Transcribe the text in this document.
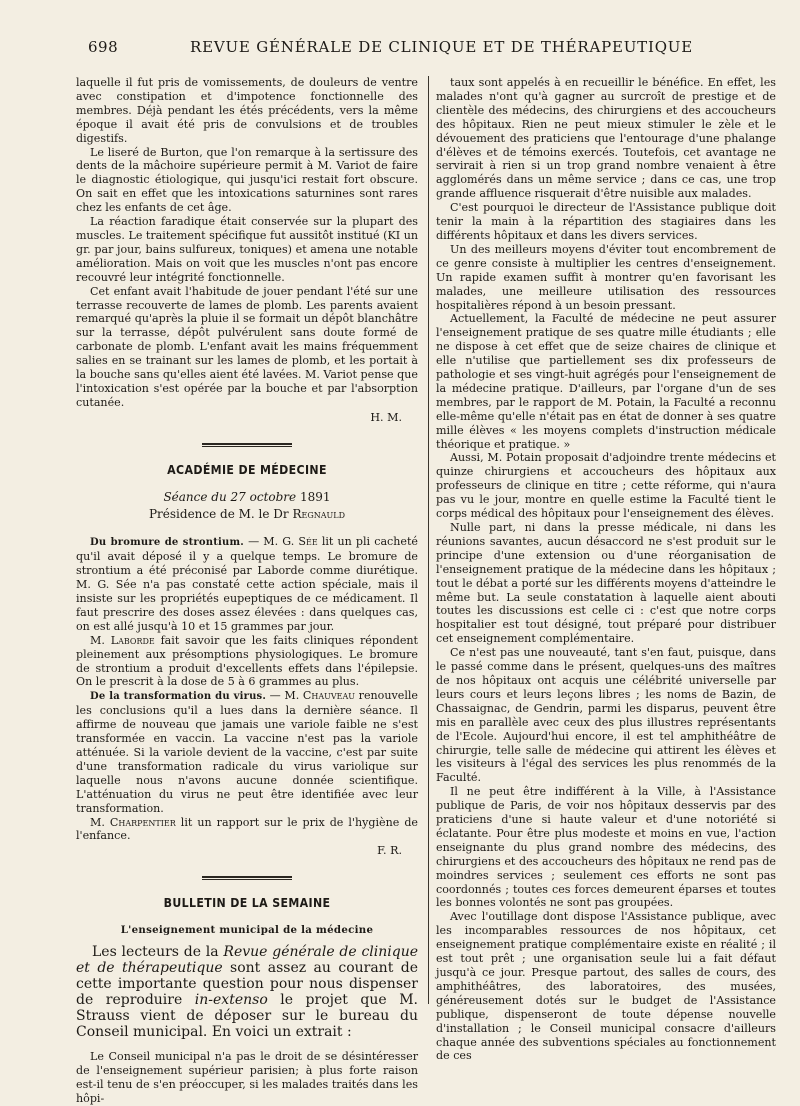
698	REVUE GÉNÉRALE DE CLINIQUE ET DE THÉRAPEUTIQUE

laquelle il fut pris de vomissements, de douleurs de ventre avec constipation et d'impotence fonctionnelle des membres. Déjà pendant les étés précédents, vers la même époque il avait été pris de convulsions et de troubles digestifs.

Le liseré de Burton, que l'on remarque à la sertissure des dents de la mâchoire supérieure permit à M. Variot de faire le diagnostic étiologique, qui jusqu'ici restait fort obscure. On sait en effet que les intoxications saturnines sont rares chez les enfants de cet âge.

La réaction faradique était conservée sur la plupart des muscles. Le traitement spécifique fut aussitôt institué (KI un gr. par jour, bains sulfureux, toniques) et amena une notable amélioration. Mais on voit que les muscles n'ont pas encore recouvré leur intégrité fonctionnelle.

Cet enfant avait l'habitude de jouer pendant l'été sur une terrasse recouverte de lames de plomb. Les parents avaient remarqué qu'après la pluie il se formait un dépôt blanchâtre sur la terrasse, dépôt pulvérulent sans doute formé de carbonate de plomb. L'enfant avait les mains fréquemment salies en se trainant sur les lames de plomb, et les portait à la bouche sans qu'elles aient été lavées. M. Variot pense que l'intoxication s'est opérée par la bouche et par l'absorption cutanée.

H. M.
ACADÉMIE DE MÉDECINE

Séance du 27 octobre 1891

Présidence de M. le Dr Regnauld

Du bromure de strontium. — M. G. Sée lit un pli cacheté qu'il avait déposé il y a quelque temps. Le bromure de strontium a été préconisé par Laborde comme diurétique. M. G. Sée n'a pas constaté cette action spéciale, mais il insiste sur les propriétés eupeptiques de ce médicament. Il faut prescrire des doses assez élevées : dans quelques cas, on est allé jusqu'à 10 et 15 grammes par jour.

M. Laborde fait savoir que les faits cliniques répondent pleinement aux présomptions physiologiques. Le bromure de strontium a produit d'excellents effets dans l'épilepsie. On le prescrit à la dose de 5 à 6 grammes au plus.

De la transformation du virus. — M. Chauveau renouvelle les conclusions qu'il a lues dans la dernière séance. Il affirme de nouveau que jamais une variole faible ne s'est transformée en vaccin. La vaccine n'est pas la variole atténuée. Si la variole devient de la vaccine, c'est par suite d'une transformation radicale du virus variolique sur laquelle nous n'avons aucune donnée scientifique. L'atténuation du virus ne peut être identifiée avec leur transformation.

M. Charpentier lit un rapport sur le prix de l'hygiène de l'enfance.

F. R.
BULLETIN DE LA SEMAINE
L'enseignement municipal de la médecine

Les lecteurs de la Revue générale de clinique et de thérapeutique sont assez au courant de cette importante question pour nous dispenser de reproduire in-extenso le projet que M. Strauss vient de déposer sur le bureau du Conseil municipal. En voici un extrait :

Le Conseil municipal n'a pas le droit de se désintéresser de l'enseignement supérieur parisien; à plus forte raison est-il tenu de s'en préoccuper, si les malades traités dans les hôpi-

taux sont appelés à en recueillir le bénéfice. En effet, les malades n'ont qu'à gagner au surcroît de prestige et de clientèle des médecins, des chirurgiens et des accoucheurs des hôpitaux. Rien ne peut mieux stimuler le zèle et le dévouement des praticiens que l'entourage d'une phalange d'élèves et de témoins exercés. Toutefois, cet avantage ne servirait à rien si un trop grand nombre venaient à être agglomérés dans un même service ; dans ce cas, une trop grande affluence risquerait d'être nuisible aux malades.

C'est pourquoi le directeur de l'Assistance publique doit tenir la main à la répartition des stagiaires dans les différents hôpitaux et dans les divers services.

Un des meilleurs moyens d'éviter tout encombrement de ce genre consiste à multiplier les centres d'enseignement. Un rapide examen suffit à montrer qu'en favorisant les malades, une meilleure utilisation des ressources hospitalières répond à un besoin pressant.

Actuellement, la Faculté de médecine ne peut assurer l'enseignement pratique de ses quatre mille étudiants ; elle ne dispose à cet effet que de seize chaires de clinique et elle n'utilise que partiellement ses dix professeurs de pathologie et ses vingt-huit agrégés pour l'enseignement de la médecine pratique. D'ailleurs, par l'organe d'un de ses membres, par le rapport de M. Potain, la Faculté a reconnu elle-même qu'elle n'était pas en état de donner à ses quatre mille élèves « les moyens complets d'instruction médicale théorique et pratique. »

Aussi, M. Potain proposait d'adjoindre trente médecins et quinze chirurgiens et accoucheurs des hôpitaux aux professeurs de clinique en titre ; cette réforme, qui n'aura pas vu le jour, montre en quelle estime la Faculté tient le corps médical des hôpitaux pour l'enseignement des élèves.

Nulle part, ni dans la presse médicale, ni dans les réunions savantes, aucun désaccord ne s'est produit sur le principe d'une extension ou d'une réorganisation de l'enseignement pratique de la médecine dans les hôpitaux ; tout le débat a porté sur les différents moyens d'atteindre le même but. La seule constatation à laquelle aient abouti toutes les discussions est celle ci : c'est que notre corps hospitalier est tout désigné, tout préparé pour distribuer cet enseignement complémentaire.

Ce n'est pas une nouveauté, tant s'en faut, puisque, dans le passé comme dans le présent, quelques-uns des maîtres de nos hôpitaux ont acquis une célébrité universelle par leurs cours et leurs leçons libres ; les noms de Bazin, de Chassaignac, de Gendrin, parmi les disparus, peuvent être mis en parallèle avec ceux des plus illustres représentants de l'Ecole. Aujourd'hui encore, il est tel amphithéâtre de chirurgie, telle salle de médecine qui attirent les élèves et les visiteurs à l'égal des services les plus renommés de la Faculté.

Il ne peut être indifférent à la Ville, à l'Assistance publique de Paris, de voir nos hôpitaux desservis par des praticiens d'une si haute valeur et d'une notoriété si éclatante. Pour être plus modeste et moins en vue, l'action enseignante du plus grand nombre des médecins, des chirurgiens et des accoucheurs des hôpitaux ne rend pas de moindres services ; seulement ces efforts ne sont pas coordonnés ; toutes ces forces demeurent éparses et toutes les bonnes volontés ne sont pas groupées.

Avec l'outillage dont dispose l'Assistance publique, avec les incomparables ressources de nos hôpitaux, cet enseignement pratique complémentaire existe en réalité ; il est tout prêt ; une organisation seule lui a fait défaut jusqu'à ce jour. Presque partout, des salles de cours, des amphithéâtres, des laboratoires, des musées, généreusement dotés sur le budget de l'Assistance publique, dispenseront de toute dépense nouvelle d'installation ; le Conseil municipal consacre d'ailleurs chaque année des subventions spéciales au fonctionnement de ces
